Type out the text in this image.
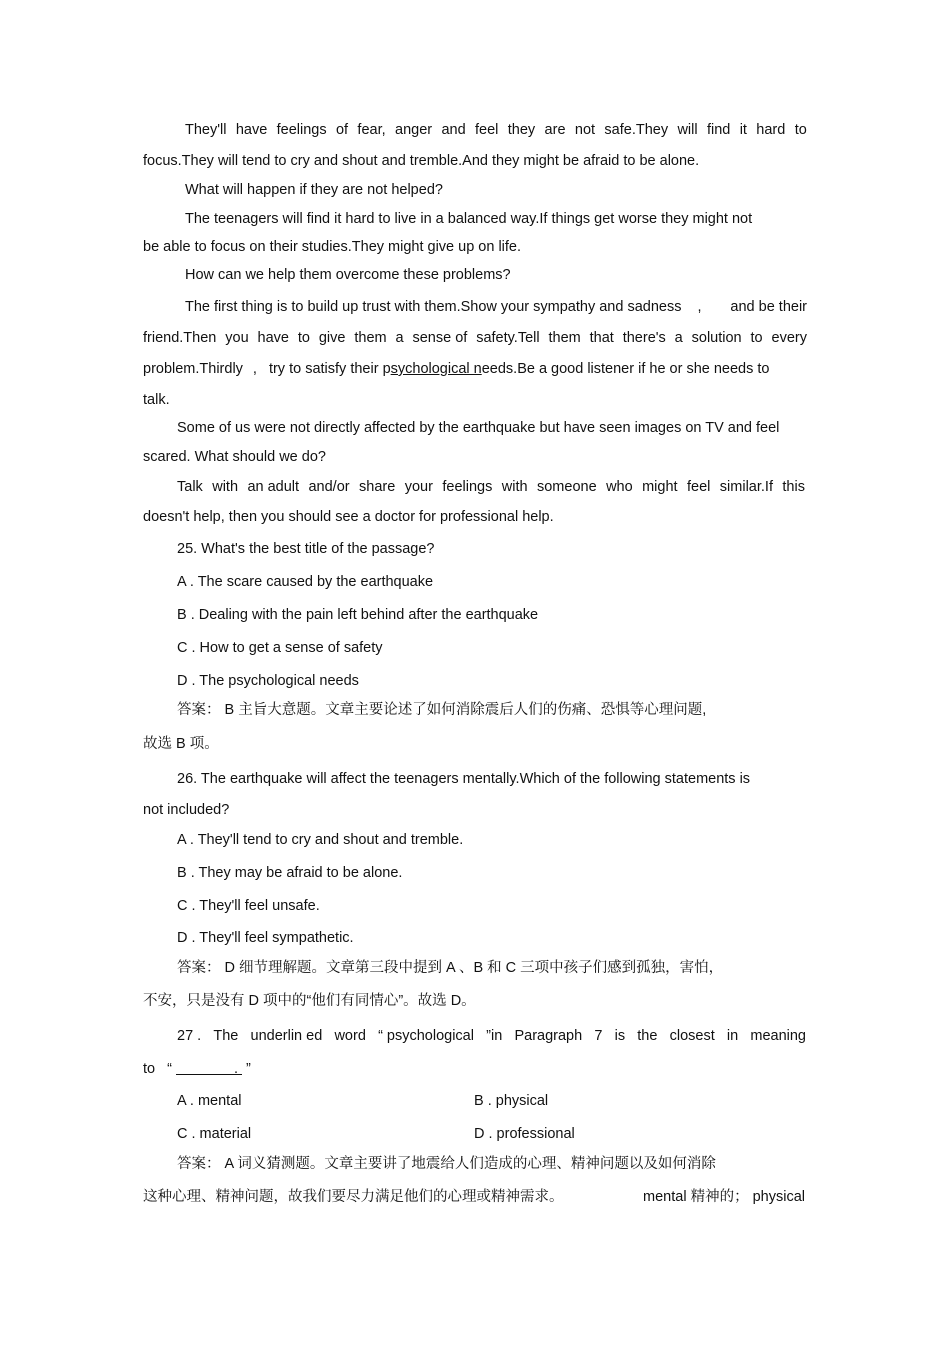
They'll have feelings of fear, anger and feel they are not safe.They will find it hard to
focus.They will tend to cry and shout and tremble.And they might be afraid to be alone.
What will happen if they are not helped?
The teenagers will find it hard to live in a balanced way.If things get worse they might not
be able to focus on their studies.They might give up on life.
How can we help them overcome these problems?
The first thing is to build up trust with them.Show your sympathy and sadness , and be their
friend.Then you have to give them a sense of safety.Tell them that there's a solution to every
problem.Thirdly , try to satisfy their psychological needs.Be a good listener if he or she needs to
talk.
Some of us were not directly affected by the earthquake but have seen images on TV and feel
scared. What should we do?
Talk with an adult and/or share your feelings with someone who might feel similar.If this
doesn't help, then you should see a doctor for professional help.
25. What's the best title of the passage?
A . The scare caused by the earthquake
B . Dealing with the pain left behind after the earthquake
C . How to get a sense of safety
D . The psychological needs
答案： B 主旨大意题。文章主要论述了如何消除震后人们的伤痛、恐惧等心理问题,
故选 B 项。
26. The earthquake will affect the teenagers mentally.Which of the following statements is
not included?
A . They'll tend to cry and shout and tremble.
B . They may be afraid to be alone.
C . They'll feel unsafe.
D . They'll feel sympathetic.
答案： D 细节理解题。文章第三段中提到 A 、B 和 C 三项中孩子们感到孤独，害怕，
不安，只是没有 D 项中的“他们有同情心”。故选 D。
27 . The underlin ed word “ psychological ”in Paragraph 7 is the closest in meaning
to “	. ”
A . mental	B . physical
C . material	D . professional
答案： A 词义猜测题。文章主要讲了地震给人们造成的心理、精神问题以及如何消除
这种心理、精神问题，故我们要尽力满足他们的心理或精神需求。	mental 精神的； physical
